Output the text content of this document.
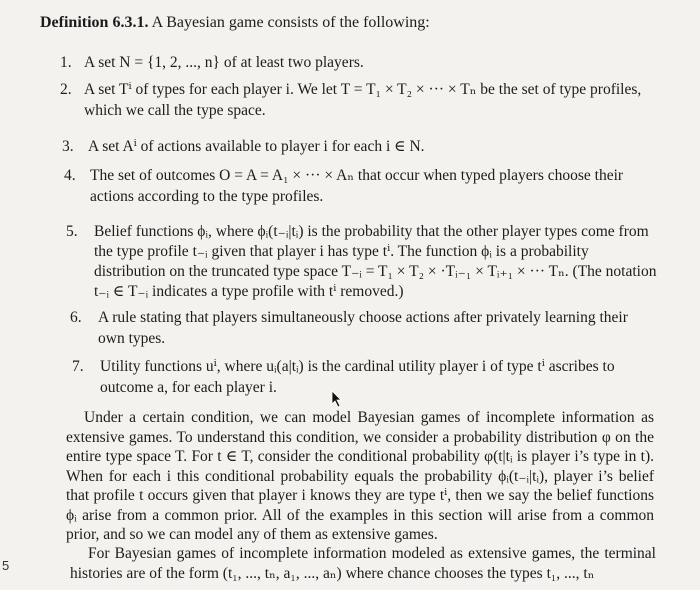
Definition 6.3.1. A Bayesian game consists of the following:
1. A set N = {1, 2, ..., n} of at least two players.
2. A set Tⁱ of types for each player i. We let T = T₁ × T₂ × ··· × Tₙ be the set of type profiles, which we call the type space.
3. A set Aⁱ of actions available to player i for each i ∈ N.
4. The set of outcomes O = A = A₁ × ··· × Aₙ that occur when typed players choose their actions according to the type profiles.
5.	Belief functions ϕᵢ, where ϕᵢ(t₋ᵢ|tᵢ) is the probability that the other player types come from the type profile t₋ᵢ given that player i has type tⁱ. The function ϕᵢ is a probability distribution on the truncated type space T₋ᵢ = T₁ × T₂ × ·Tᵢ₋₁ × Tᵢ₊₁ × ··· Tₙ. (The notation t₋ᵢ ∈ T₋ᵢ indicates a type profile with tⁱ removed.)
6.	A rule stating that players simultaneously choose actions after privately learning their own types.
7.	Utility functions uⁱ, where uᵢ(a|tᵢ) is the cardinal utility player i of type tⁱ ascribes to outcome a, for each player i.
Under a certain condition, we can model Bayesian games of incomplete information as extensive games. To understand this condition, we consider a probability distribution φ on the entire type space T. For t ∈ T, consider the conditional probability φ(t|tᵢ is player i’s type in t). When for each i this conditional probability equals the probability ϕᵢ(t₋ᵢ|tᵢ), player i’s belief that profile t occurs given that player i knows they are type tⁱ, then we say the belief functions ϕᵢ arise from a common prior. All of the examples in this section will arise from a common prior, and so we can model any of them as extensive games.
For Bayesian games of incomplete information modeled as extensive games, the terminal histories are of the form (t₁, ..., tₙ, a₁, ..., aₙ) where chance chooses the types t₁, ..., tₙ
5
